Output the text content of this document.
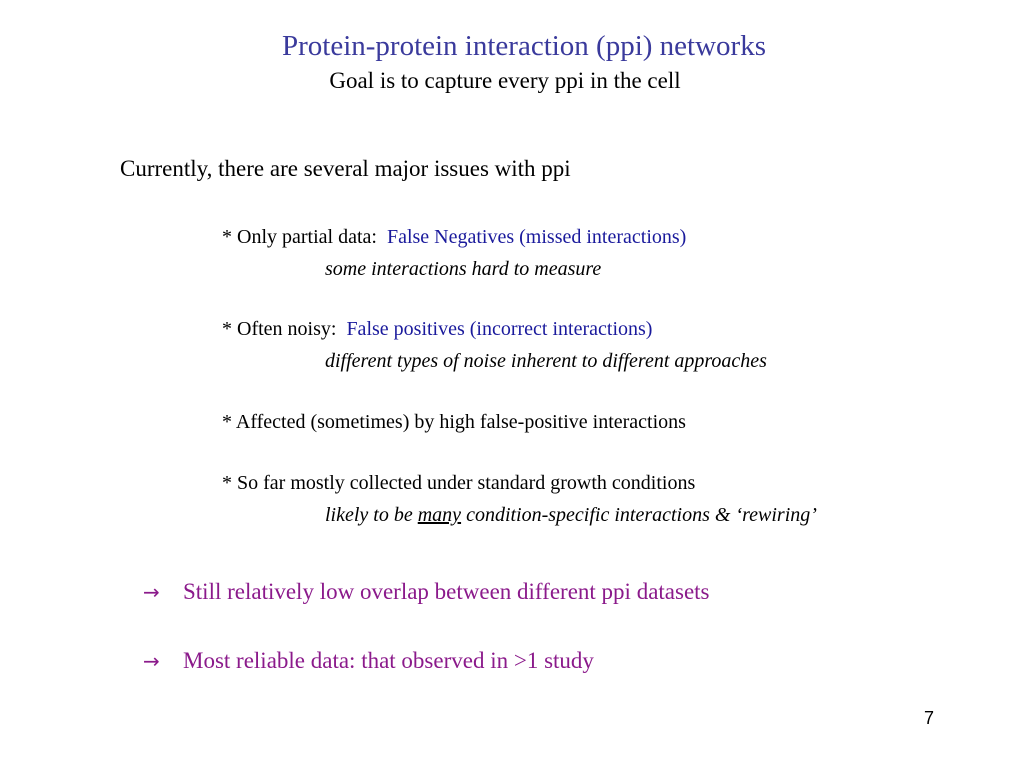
Protein-protein interaction (ppi) networks
Goal is to capture every ppi in the cell
Currently, there are several major issues with ppi
* Only partial data: False Negatives (missed interactions)
some interactions hard to measure
* Often noisy: False positives (incorrect interactions)
different types of noise inherent to different approaches
* Affected (sometimes) by high false-positive interactions
* So far mostly collected under standard growth conditions
likely to be many condition-specific interactions & ‘rewiring’
→ Still relatively low overlap between different ppi datasets
→ Most reliable data: that observed in >1 study
7
